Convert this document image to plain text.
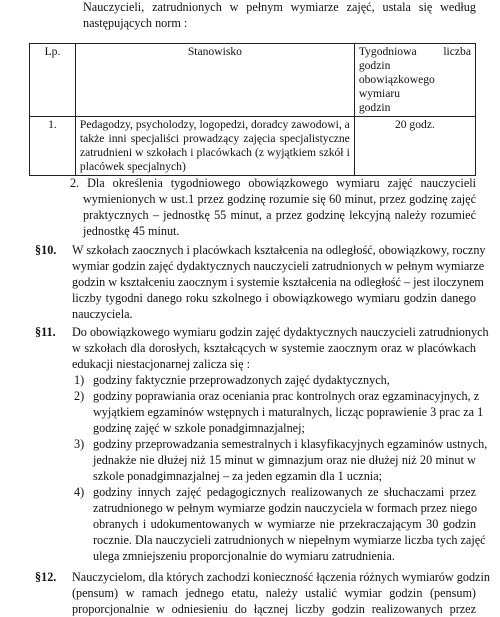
Nauczycieli, zatrudnionych w pełnym wymiarze zajęć, ustala się według
następujących norm :
Lp.	Stanowisko	Tygodniowa liczba godzin
obowiązkowego wymiaru
godzin

1.	Pedagodzy, psycholodzy, logopedzi, doradcy zawodowi, a
także inni specjaliści prowadzący zajęcia specjalistyczne
zatrudnieni w szkołach i placówkach (z wyjątkiem szkół i
placówek specjalnych)	20 godz.
2. Dla określenia tygodniowego obowiązkowego wymiaru zajęć nauczycieli
wymienionych w ust.1 przez godzinę rozumie się 60 minut, przez godzinę zajęć
praktycznych – jednostkę 55 minut, a przez godzinę lekcyjną należy rozumieć
jednostkę 45 minut.
§10. W szkołach zaocznych i placówkach kształcenia na odległość, obowiązkowy, roczny
wymiar godzin zajęć dydaktycznych nauczycieli zatrudnionych w pełnym wymiarze
godzin w kształceniu zaocznym i systemie kształcenia na odległość – jest iloczynem
liczby tygodni danego roku szkolnego i obowiązkowego wymiaru godzin danego
nauczyciela.
§11. Do obowiązkowego wymiaru godzin zajęć dydaktycznych nauczycieli zatrudnionych
w szkołach dla dorosłych, kształcących w systemie zaocznym oraz w placówkach
edukacji niestacjonarnej zalicza się :
1) godziny faktycznie przeprowadzonych zajęć dydaktycznych,
2) godziny poprawiania oraz oceniania prac kontrolnych oraz egzaminacyjnych, z
wyjątkiem egzaminów wstępnych i maturalnych, licząc poprawienie 3 prac za 1
godzinę zajęć w szkole ponadgimnazjalnej;
3) godziny przeprowadzania semestralnych i klasyfikacyjnych egzaminów ustnych,
jednakże nie dłużej niż 15 minut w gimnazjum oraz nie dłużej niż 20 minut w
szkole ponadgimnazjalnej – za jeden egzamin dla 1 ucznia;
4) godziny innych zajęć pedagogicznych realizowanych ze słuchaczami przez
zatrudnionego w pełnym wymiarze godzin nauczyciela w formach przez niego
obranych i udokumentowanych w wymiarze nie przekraczającym 30 godzin
rocznie. Dla nauczycieli zatrudnionych w niepełnym wymiarze liczba tych zajęć
ulega zmniejszeniu proporcjonalnie do wymiaru zatrudnienia.
§12. Nauczycielom, dla których zachodzi konieczność łączenia różnych wymiarów godzin
(pensum) w ramach jednego etatu, należy ustalić wymiar godzin (pensum)
proporcjonalnie w odniesieniu do łącznej liczby godzin realizowanych przez
